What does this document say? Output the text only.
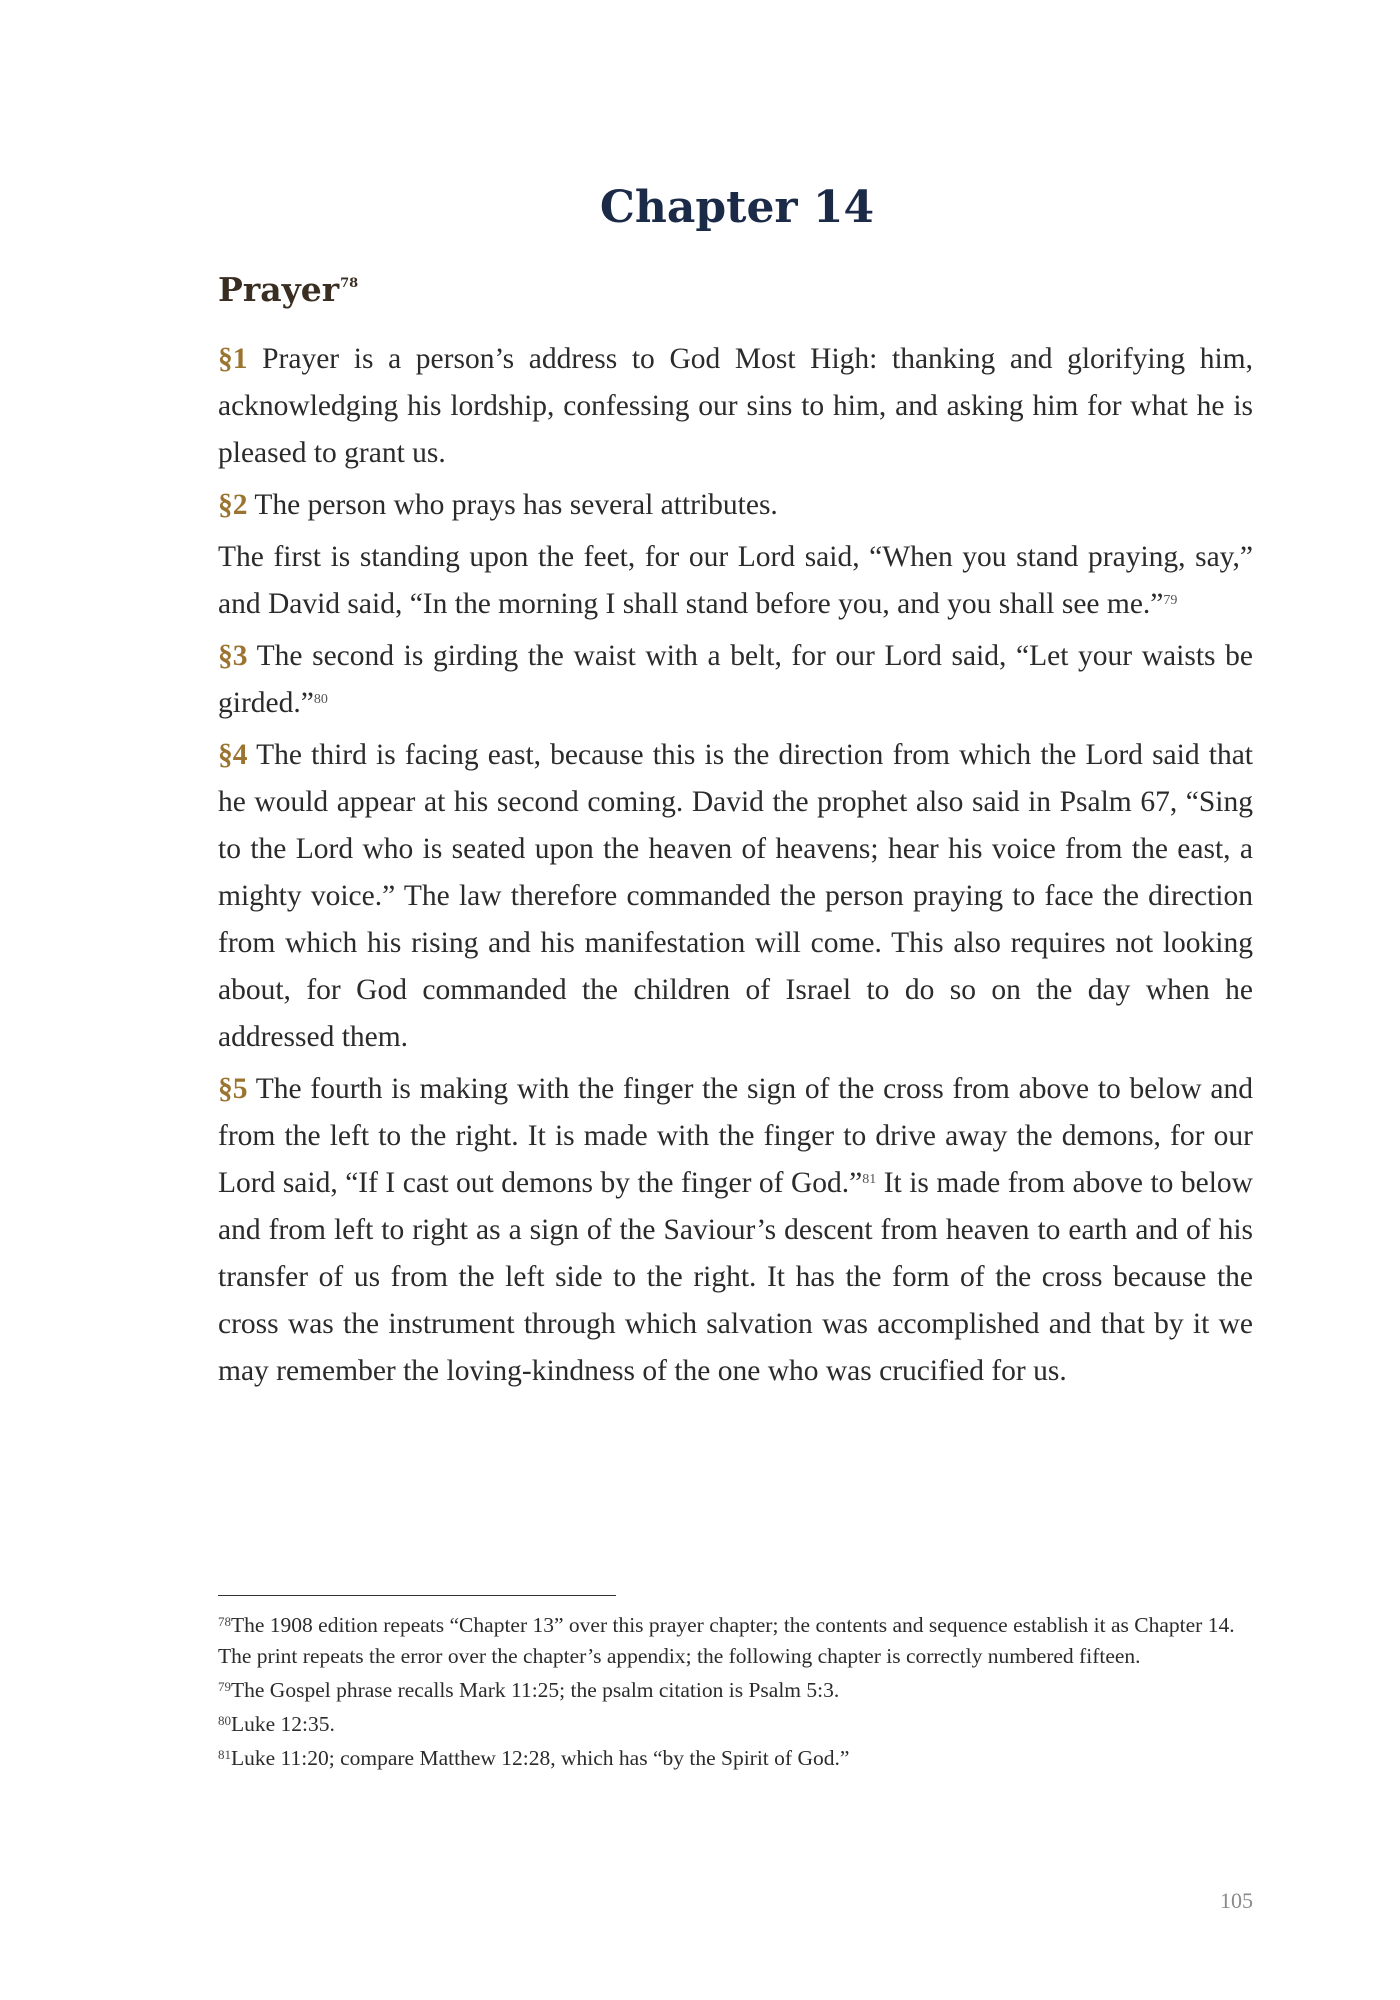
Chapter 14
Prayer$^{78}$

§1 Prayer is a person’s address to God Most High: thanking and glorifying him, acknowledging his lordship, confessing our sins to him, and asking him for what he is pleased to grant us.

§2 The person who prays has several attributes.

The first is standing upon the feet, for our Lord said, “When you stand praying, say,” and David said, “In the morning I shall stand before you, and you shall see me.”$^{79}$

§3 The second is girding the waist with a belt, for our Lord said, “Let your waists be girded.”$^{80}$

§4 The third is facing east, because this is the direction from which the Lord said that he would appear at his second coming. David the prophet also said in Psalm 67, “Sing to the Lord who is seated upon the heaven of heavens; hear his voice from the east, a mighty voice.” The law therefore commanded the person praying to face the direction from which his rising and his manifestation will come. This also requires not looking about, for God commanded the children of Israel to do so on the day when he addressed them.

§5 The fourth is making with the finger the sign of the cross from above to below and from the left to the right. It is made with the finger to drive away the demons, for our Lord said, “If I cast out demons by the finger of God.”$^{81}$ It is made from above to below and from left to right as a sign of the Saviour’s descent from heaven to earth and of his transfer of us from the left side to the right. It has the form of the cross because the cross was the instrument through which salvation was accomplished and that by it we may remember the loving-kindness of the one who was crucified for us.

$^{78}$The 1908 edition repeats “Chapter 13” over this prayer chapter; the contents and sequence establish it as Chapter 14. The print repeats the error over the chapter’s appendix; the following chapter is correctly numbered fifteen.

$^{79}$The Gospel phrase recalls Mark 11:25; the psalm citation is Psalm 5:3.

$^{80}$Luke 12:35.

$^{81}$Luke 11:20; compare Matthew 12:28, which has “by the Spirit of God.”

105
